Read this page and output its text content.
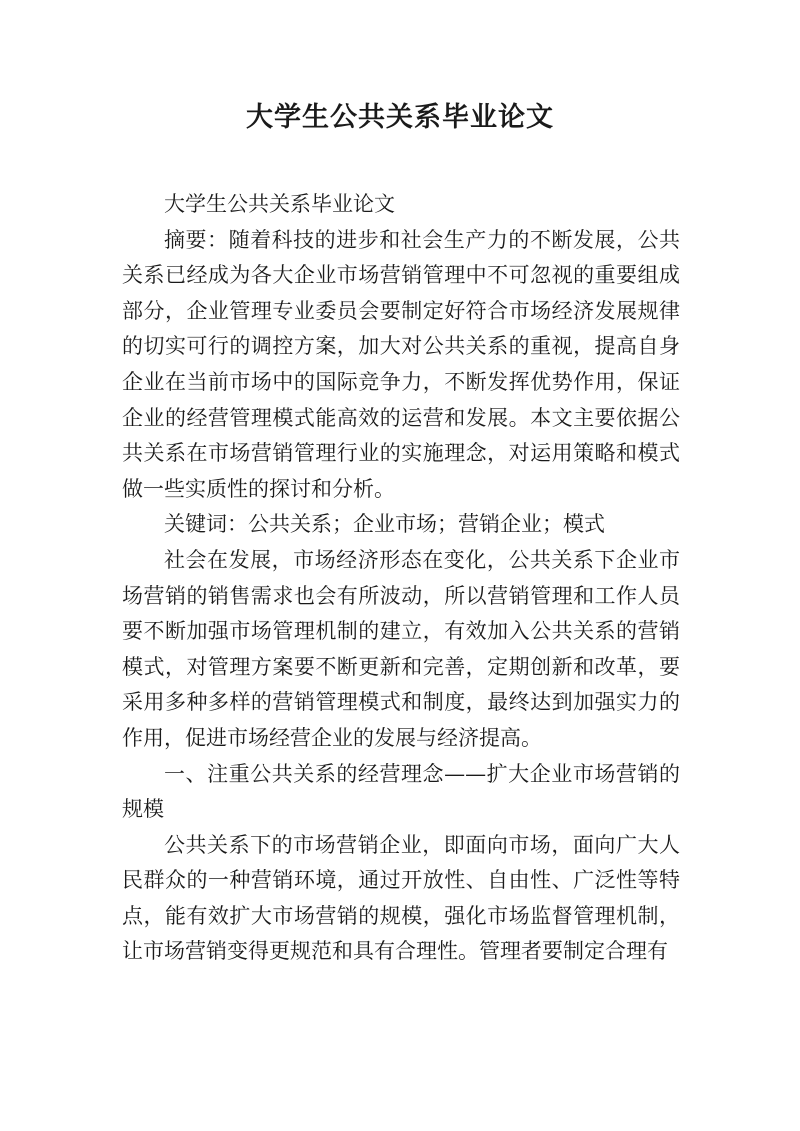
大学生公共关系毕业论文

大学生公共关系毕业论文

摘要：随着科技的进步和社会生产力的不断发展，公共关系已经成为各大企业市场营销管理中不可忽视的重要组成部分，企业管理专业委员会要制定好符合市场经济发展规律的切实可行的调控方案，加大对公共关系的重视，提高自身企业在当前市场中的国际竞争力，不断发挥优势作用，保证企业的经营管理模式能高效的运营和发展。本文主要依据公共关系在市场营销管理行业的实施理念，对运用策略和模式做一些实质性的探讨和分析。

关键词：公共关系；企业市场；营销企业；模式

社会在发展，市场经济形态在变化，公共关系下企业市场营销的销售需求也会有所波动，所以营销管理和工作人员要不断加强市场管理机制的建立，有效加入公共关系的营销模式，对管理方案要不断更新和完善，定期创新和改革，要采用多种多样的营销管理模式和制度，最终达到加强实力的作用，促进市场经营企业的发展与经济提高。

一、注重公共关系的经营理念——扩大企业市场营销的规模

公共关系下的市场营销企业，即面向市场，面向广大人民群众的一种营销环境，通过开放性、自由性、广泛性等特点，能有效扩大市场营销的规模，强化市场监督管理机制，让市场营销变得更规范和具有合理性。管理者要制定合理有
